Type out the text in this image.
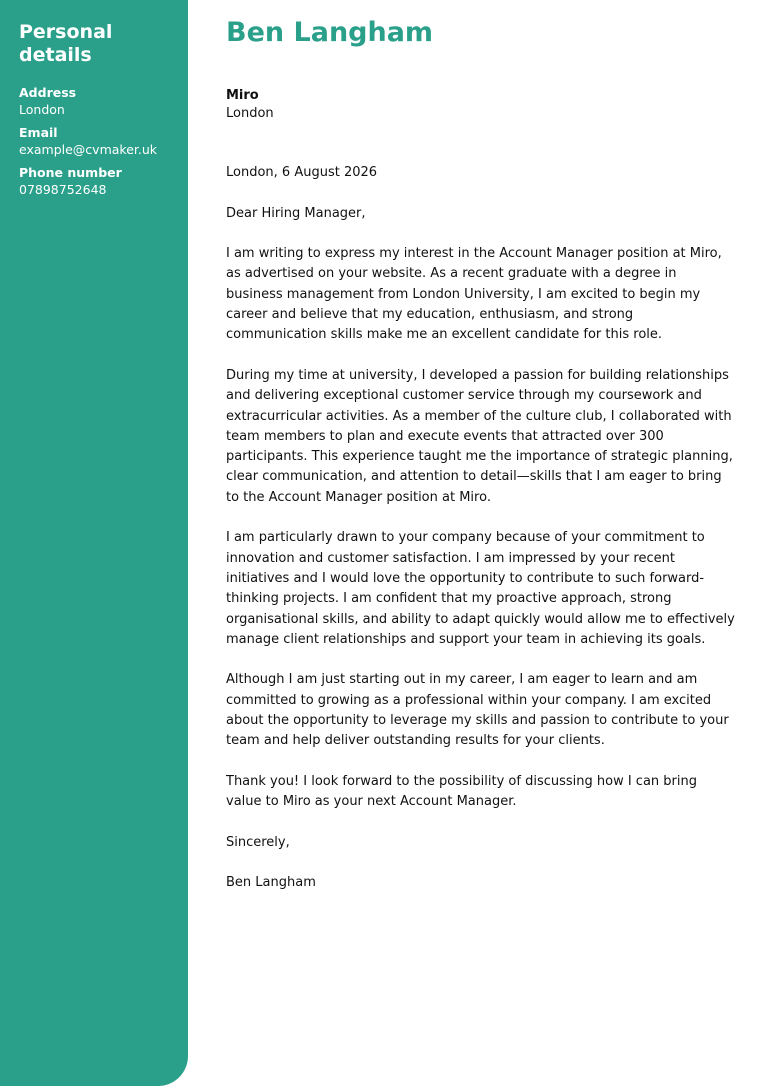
Personal details
Address
London
Email
example@cvmaker.uk
Phone number
07898752648
Ben Langham
Miro
London

London, 6 August 2026

Dear Hiring Manager,

I am writing to express my interest in the Account Manager position at Miro, as advertised on your website. As a recent graduate with a degree in business management from London University, I am excited to begin my career and believe that my education, enthusiasm, and strong communication skills make me an excellent candidate for this role.

During my time at university, I developed a passion for building relationships and delivering exceptional customer service through my coursework and extracurricular activities. As a member of the culture club, I collaborated with team members to plan and execute events that attracted over 300 participants. This experience taught me the importance of strategic planning, clear communication, and attention to detail—skills that I am eager to bring to the Account Manager position at Miro.

I am particularly drawn to your company because of your commitment to innovation and customer satisfaction. I am impressed by your recent initiatives and I would love the opportunity to contribute to such forward-thinking projects. I am confident that my proactive approach, strong organisational skills, and ability to adapt quickly would allow me to effectively manage client relationships and support your team in achieving its goals.

Although I am just starting out in my career, I am eager to learn and am committed to growing as a professional within your company. I am excited about the opportunity to leverage my skills and passion to contribute to your team and help deliver outstanding results for your clients.

Thank you! I look forward to the possibility of discussing how I can bring value to Miro as your next Account Manager.

Sincerely,

Ben Langham
